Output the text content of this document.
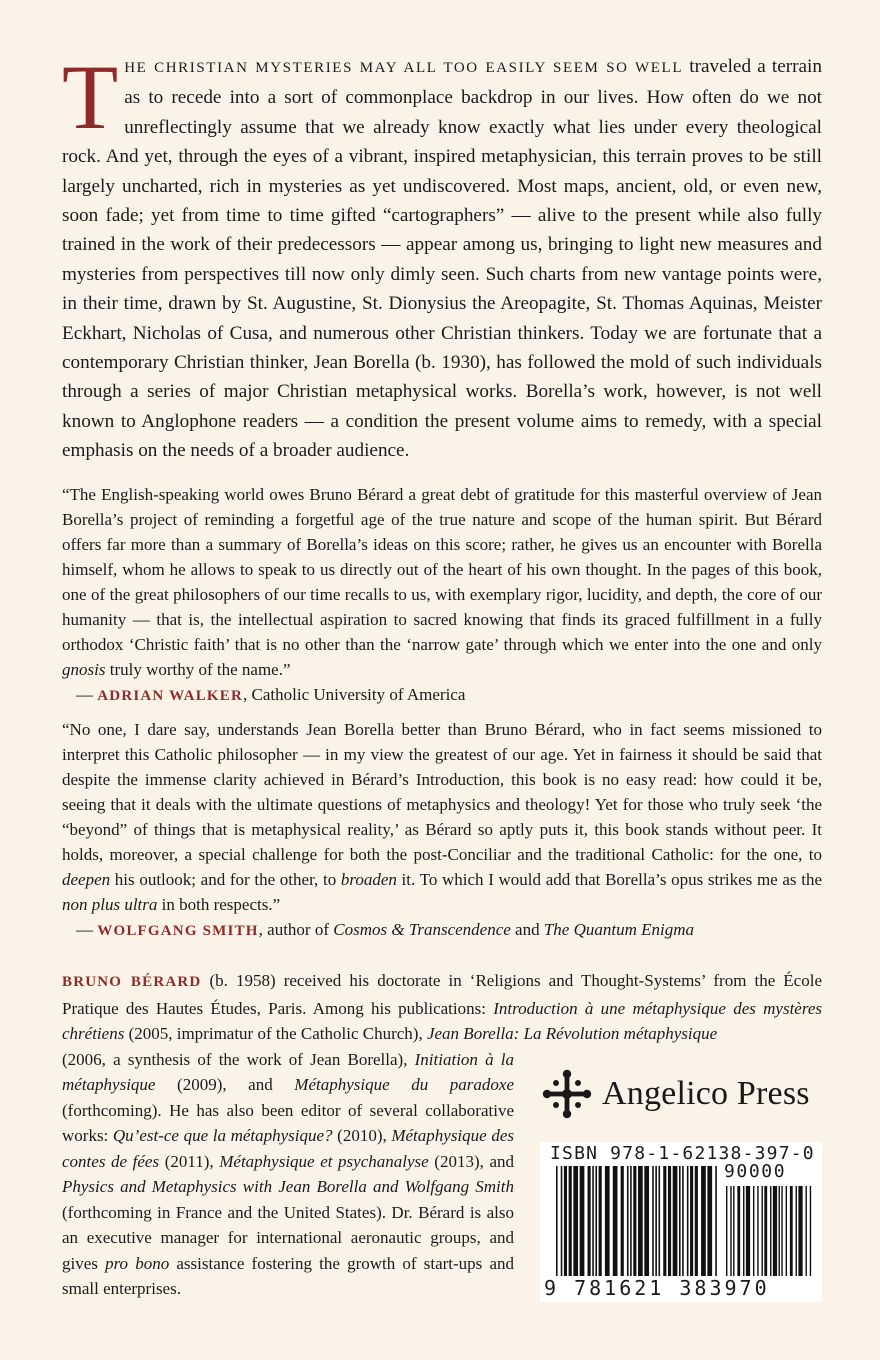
THE CHRISTIAN MYSTERIES MAY ALL TOO EASILY SEEM SO WELL traveled a terrain as to recede into a sort of commonplace backdrop in our lives. How often do we not unreflectingly assume that we already know exactly what lies under every theological rock. And yet, through the eyes of a vibrant, inspired metaphysician, this terrain proves to be still largely uncharted, rich in mysteries as yet undiscovered. Most maps, ancient, old, or even new, soon fade; yet from time to time gifted “cartographers” — alive to the present while also fully trained in the work of their predecessors — appear among us, bringing to light new measures and mysteries from perspectives till now only dimly seen. Such charts from new vantage points were, in their time, drawn by St. Augustine, St. Dionysius the Areopagite, St. Thomas Aquinas, Meister Eckhart, Nicholas of Cusa, and numerous other Christian thinkers. Today we are fortunate that a contemporary Christian thinker, Jean Borella (b. 1930), has followed the mold of such individuals through a series of major Christian metaphysical works. Borella’s work, however, is not well known to Anglophone readers — a condition the present volume aims to remedy, with a special emphasis on the needs of a broader audience.

“The English-speaking world owes Bruno Bérard a great debt of gratitude for this masterful overview of Jean Borella’s project of reminding a forgetful age of the true nature and scope of the human spirit. But Bérard offers far more than a summary of Borella’s ideas on this score; rather, he gives us an encounter with Borella himself, whom he allows to speak to us directly out of the heart of his own thought. In the pages of this book, one of the great philosophers of our time recalls to us, with exemplary rigor, lucidity, and depth, the core of our humanity — that is, the intellectual aspiration to sacred knowing that finds its graced fulfillment in a fully orthodox ‘Christic faith’ that is no other than the ‘narrow gate’ through which we enter into the one and only gnosis truly worthy of the name.”

— ADRIAN WALKER, Catholic University of America

“No one, I dare say, understands Jean Borella better than Bruno Bérard, who in fact seems missioned to interpret this Catholic philosopher — in my view the greatest of our age. Yet in fairness it should be said that despite the immense clarity achieved in Bérard’s Introduction, this book is no easy read: how could it be, seeing that it deals with the ultimate questions of metaphysics and theology! Yet for those who truly seek ‘the “beyond” of things that is metaphysical reality,’ as Bérard so aptly puts it, this book stands without peer. It holds, moreover, a special challenge for both the post-Conciliar and the traditional Catholic: for the one, to deepen his outlook; and for the other, to broaden it. To which I would add that Borella’s opus strikes me as the non plus ultra in both respects.”

— WOLFGANG SMITH, author of Cosmos & Transcendence and The Quantum Enigma

BRUNO BÉRARD (b. 1958) received his doctorate in ‘Religions and Thought-Systems’ from the École Pratique des Hautes Études, Paris. Among his publications: Introduction à une métaphysique des mystères chrétiens (2005, imprimatur of the Catholic Church), Jean Borella: La Révolution métaphysique

(2006, a synthesis of the work of Jean Borella), Initiation à la métaphysique (2009), and Métaphysique du paradoxe (forthcoming). He has also been editor of several collaborative works: Qu’est-ce que la métaphysique? (2010), Métaphysique des contes de fées (2011), Métaphysique et psychanalyse (2013), and Physics and Metaphysics with Jean Borella and Wolfgang Smith (forthcoming in France and the United States). Dr. Bérard is also an executive manager for international aeronautic groups, and gives pro bono assistance fostering the growth of start-ups and small enterprises.

Angelico Press
ISBN 978-1-62138-397-0
90000
9 781621 383970
